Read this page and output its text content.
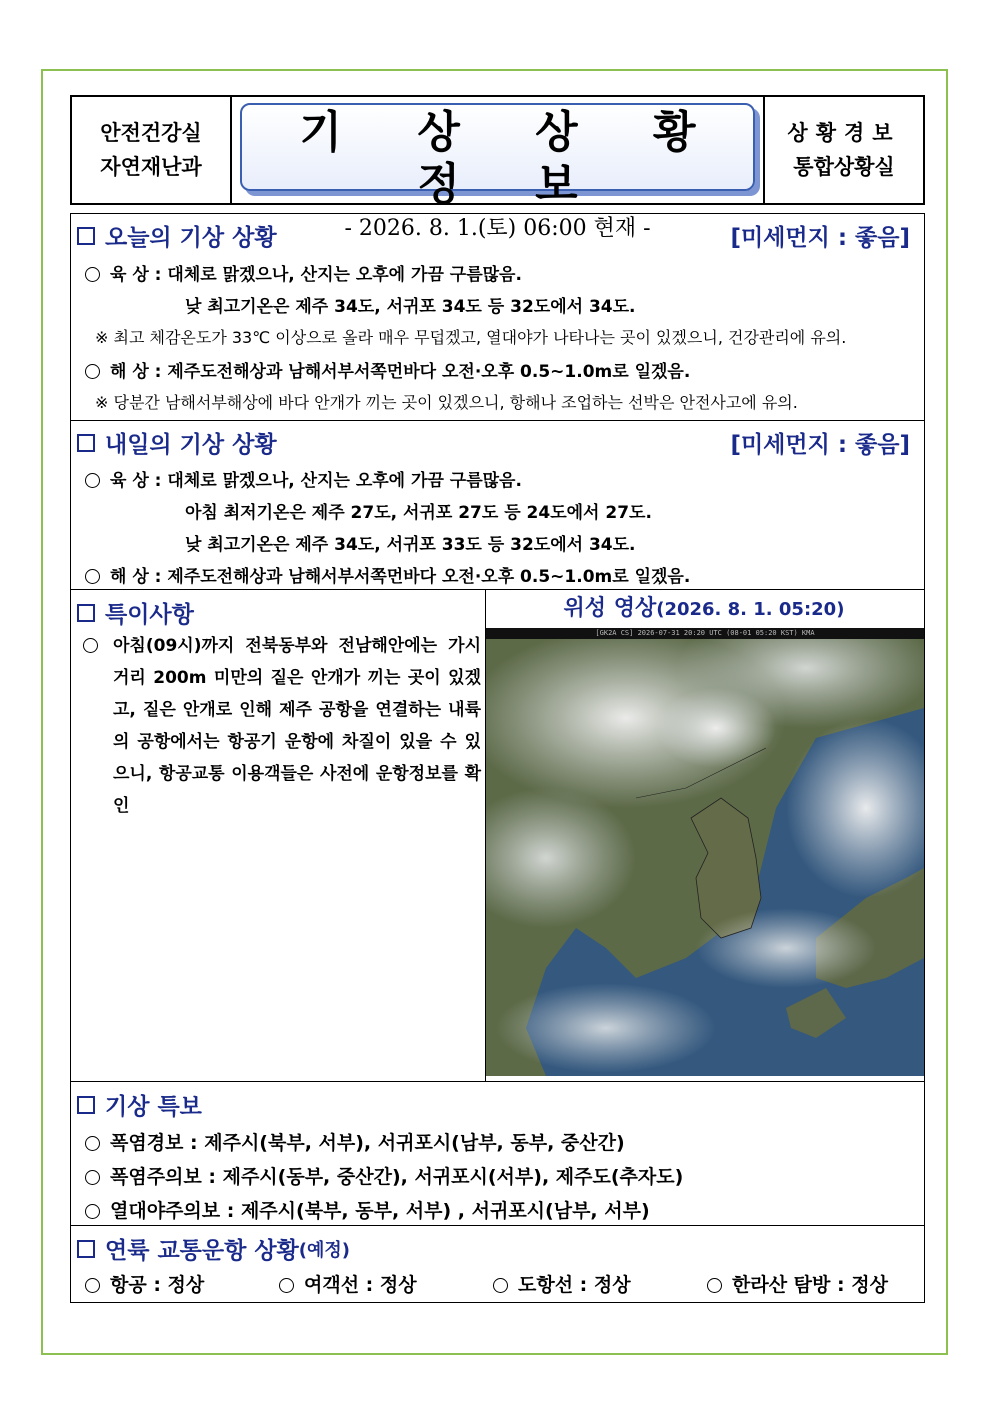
안전건강실
자연재난과
기 상 상 황 정 보
- 2026. 8. 1.(토) 06:00 현재 -
상황경보
통합상황실
오늘의 기상 상황	[미세먼지 : 좋음]
육 상 : 대체로 맑겠으나, 산지는 오후에 가끔 구름많음.
낮 최고기온은 제주 34도, 서귀포 34도 등 32도에서 34도.
※ 최고 체감온도가 33℃ 이상으로 올라 매우 무덥겠고, 열대야가 나타나는 곳이 있겠으니, 건강관리에 유의.
해 상 : 제주도전해상과 남해서부서쪽먼바다 오전·오후 0.5~1.0m로 일겠음.
※ 당분간 남해서부해상에 바다 안개가 끼는 곳이 있겠으니, 항해나 조업하는 선박은 안전사고에 유의.
내일의 기상 상황	[미세먼지 : 좋음]
육 상 : 대체로 맑겠으나, 산지는 오후에 가끔 구름많음.
아침 최저기온은 제주 27도, 서귀포 27도 등 24도에서 27도.
낮 최고기온은 제주 34도, 서귀포 33도 등 32도에서 34도.
해 상 : 제주도전해상과 남해서부서쪽먼바다 오전·오후 0.5~1.0m로 일겠음.
특이사항
아침(09시)까지 전북동부와 전남해안에는 가시거리 200m 미만의 짙은 안개가 끼는 곳이 있겠고, 짙은 안개로 인해 제주 공항을 연결하는 내륙의 공항에서는 항공기 운항에 차질이 있을 수 있으니, 항공교통 이용객들은 사전에 운항정보를 확인
위성 영상(2026. 8. 1. 05:20)
[GK2A CS] 2026-07-31 20:20 UTC (08-01 05:20 KST) KMA
기상 특보
폭염경보 : 제주시(북부, 서부), 서귀포시(남부, 동부, 중산간)
폭염주의보 : 제주시(동부, 중산간), 서귀포시(서부), 제주도(추자도)
열대야주의보 : 제주시(북부, 동부, 서부) , 서귀포시(남부, 서부)
연륙 교통운항 상황 (예정)
항공 : 정상	여객선 : 정상	도항선 : 정상	한라산 탐방 : 정상
